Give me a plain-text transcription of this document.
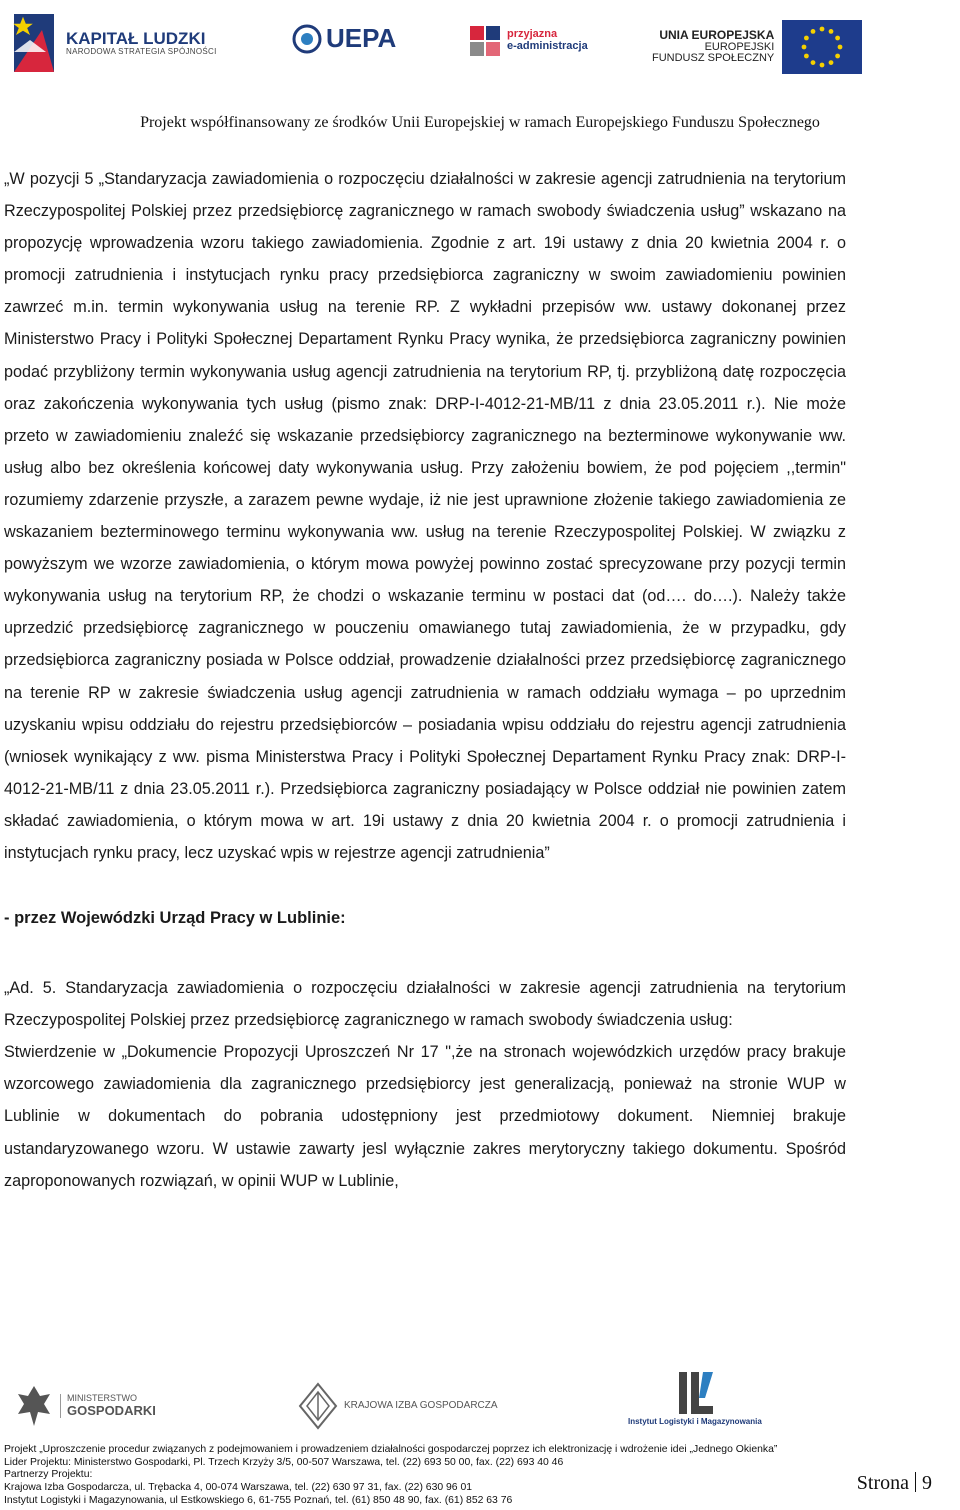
KAPITAŁ LUDZKI
NARODOWA STRATEGIA SPÓJNOŚCI	UEPA	przyjazna
e-administracja
UNIA EUROPEJSKA
EUROPEJSKI
FUNDUSZ SPOŁECZNY
Projekt współfinansowany ze środków Unii Europejskiej w ramach Europejskiego Funduszu Społecznego

„W pozycji 5 „Standaryzacja zawiadomienia o rozpoczęciu działalności w zakresie agencji zatrudnienia na terytorium Rzeczypospolitej Polskiej przez przedsiębiorcę zagranicznego w ramach swobody świadczenia usług” wskazano na propozycję wprowadzenia wzoru takiego zawiadomienia. Zgodnie z art. 19i ustawy z dnia 20 kwietnia 2004 r. o promocji zatrudnienia i instytucjach rynku pracy przedsiębiorca zagraniczny w swoim zawiadomieniu powinien zawrzeć m.in. termin wykonywania usług na terenie RP. Z wykładni przepisów ww. ustawy dokonanej przez Ministerstwo Pracy i Polityki Społecznej Departament Rynku Pracy wynika, że przedsiębiorca zagraniczny powinien podać przybliżony termin wykonywania usług agencji zatrudnienia na terytorium RP, tj. przybliżoną datę rozpoczęcia oraz zakończenia wykonywania tych usług (pismo znak: DRP-I-4012-21-MB/11 z dnia 23.05.2011 r.). Nie może przeto w zawiadomieniu znaleźć się wskazanie przedsiębiorcy zagranicznego na bezterminowe wykonywanie ww. usług albo bez określenia końcowej daty wykonywania usług. Przy założeniu bowiem, że pod pojęciem ,,termin" rozumiemy zdarzenie przyszłe, a zarazem pewne wydaje, iż nie jest uprawnione złożenie takiego zawiadomienia ze wskazaniem bezterminowego terminu wykonywania ww. usług na terenie Rzeczypospolitej Polskiej. W związku z powyższym we wzorze zawiadomienia, o którym mowa powyżej powinno zostać sprecyzowane przy pozycji termin wykonywania usług na terytorium RP, że chodzi o wskazanie terminu w postaci dat (od…. do….). Należy także uprzedzić przedsiębiorcę zagranicznego w pouczeniu omawianego tutaj zawiadomienia, że w przypadku, gdy przedsiębiorca zagraniczny posiada w Polsce oddział, prowadzenie działalności przez przedsiębiorcę zagranicznego na terenie RP w zakresie świadczenia usług agencji zatrudnienia w ramach oddziału wymaga – po uprzednim uzyskaniu wpisu oddziału do rejestru przedsiębiorców – posiadania wpisu oddziału do rejestru agencji zatrudnienia (wniosek wynikający z ww. pisma Ministerstwa Pracy i Polityki Społecznej Departament Rynku Pracy znak: DRP-I-4012-21-MB/11 z dnia 23.05.2011 r.). Przedsiębiorca zagraniczny posiadający w Polsce oddział nie powinien zatem składać zawiadomienia, o którym mowa w art. 19i ustawy z dnia 20 kwietnia 2004 r. o promocji zatrudnienia i instytucjach rynku pracy, lecz uzyskać wpis w rejestrze agencji zatrudnienia”

- przez Wojewódzki Urząd Pracy w Lublinie:

„Ad. 5. Standaryzacja zawiadomienia o rozpoczęciu działalności w zakresie agencji zatrudnienia na terytorium Rzeczypospolitej Polskiej przez przedsiębiorcę zagranicznego w ramach swobody świadczenia usług:

Stwierdzenie w „Dokumencie Propozycji Uproszczeń Nr 17 ",że na stronach wojewódzkich urzędów pracy brakuje wzorcowego zawiadomienia dla zagranicznego przedsiębiorcy jest generalizacją, ponieważ na stronie WUP w Lublinie w dokumentach do pobrania udostępniony jest przedmiotowy dokument. Niemniej brakuje ustandaryzowanego wzoru. W ustawie zawarty jesl wyłącznie zakres merytoryczny takiego dokumentu. Spośród zaproponowanych rozwiązań, w opinii WUP w Lublinie,

MINISTERSTWO
GOSPODARKI	KRAJOWA IZBA GOSPODARCZA
Instytut Logistyki i Magazynowania
Projekt „Uproszczenie procedur związanych z podejmowaniem i prowadzeniem działalności gospodarczej poprzez ich elektronizację i wdrożenie idei „Jednego Okienka”
Lider Projektu: Ministerstwo Gospodarki, Pl. Trzech Krzyży 3/5, 00-507 Warszawa, tel. (22) 693 50 00, fax. (22) 693 40 46
Partnerzy Projektu:
Krajowa Izba Gospodarcza, ul. Trębacka 4, 00-074 Warszawa, tel. (22) 630 97 31, fax. (22) 630 96 01
Instytut Logistyki i Magazynowania, ul Estkowskiego 6, 61-755 Poznań, tel. (61) 850 48 90, fax. (61) 852 63 76
Strona 9
